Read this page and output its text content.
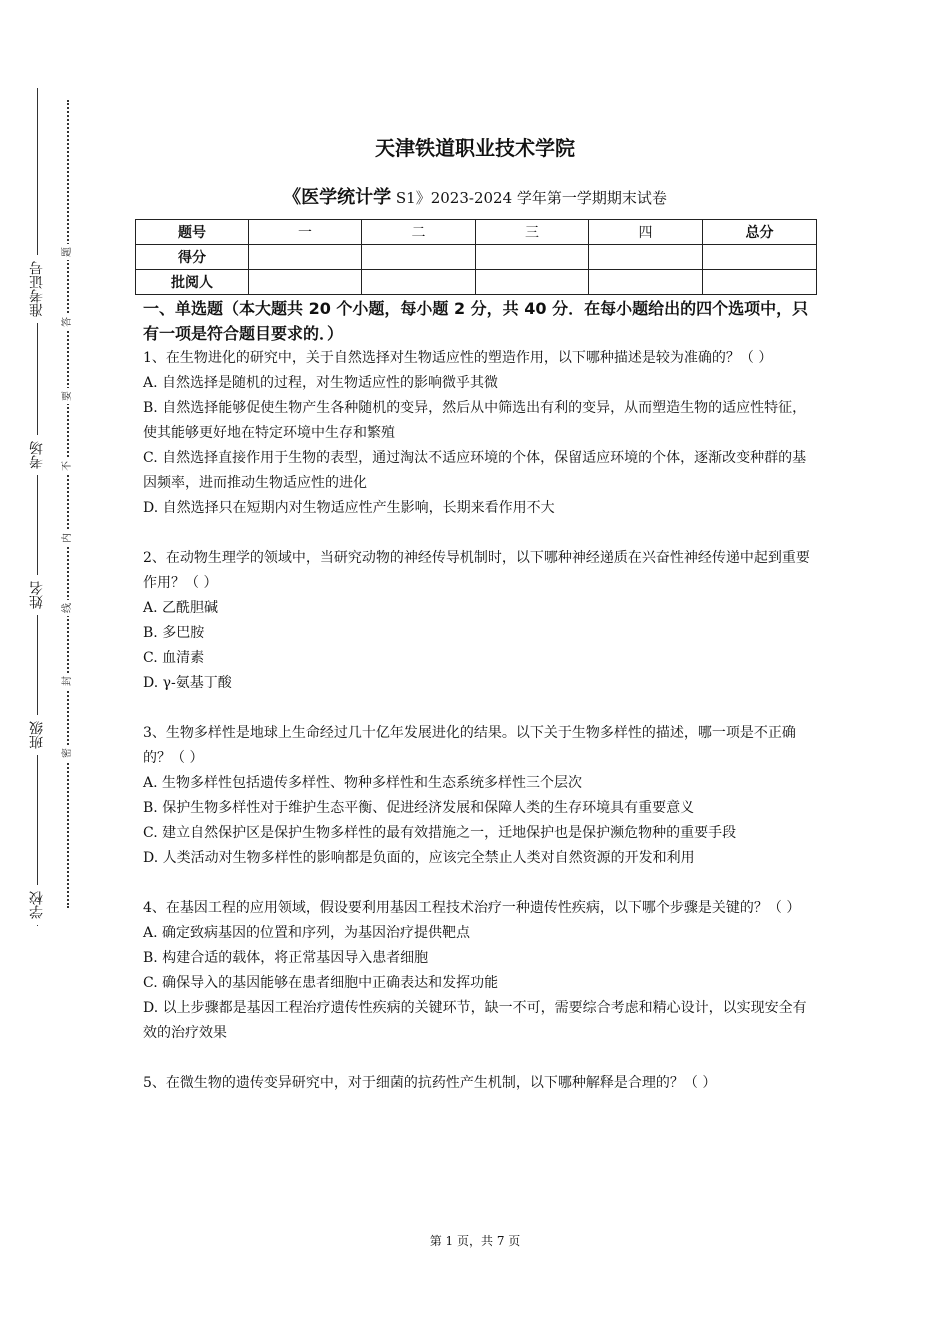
准考证号
考场
姓名
班级
学校
题
答
要
不
内
线
封
密
天津铁道职业技术学院
《医学统计学 S1》2023-2024 学年第一学期期末试卷
题号	一	二	三	四	总分
得分					
批阅人					
一、单选题（本大题共 20 个小题，每小题 2 分，共 40 分．在每小题给出的四个选项中，只有一项是符合题目要求的．）

1、在生物进化的研究中，关于自然选择对生物适应性的塑造作用，以下哪种描述是较为准确的？（ ）

A. 自然选择是随机的过程，对生物适应性的影响微乎其微

B. 自然选择能够促使生物产生各种随机的变异，然后从中筛选出有利的变异，从而塑造生物的适应性特征，使其能够更好地在特定环境中生存和繁殖

C. 自然选择直接作用于生物的表型，通过淘汰不适应环境的个体，保留适应环境的个体，逐渐改变种群的基因频率，进而推动生物适应性的进化

D. 自然选择只在短期内对生物适应性产生影响，长期来看作用不大

2、在动物生理学的领域中，当研究动物的神经传导机制时，以下哪种神经递质在兴奋性神经传递中起到重要作用？（ ）

A. 乙酰胆碱

B. 多巴胺

C. 血清素

D. γ-氨基丁酸

3、生物多样性是地球上生命经过几十亿年发展进化的结果。以下关于生物多样性的描述，哪一项是不正确的？（ ）

A. 生物多样性包括遗传多样性、物种多样性和生态系统多样性三个层次

B. 保护生物多样性对于维护生态平衡、促进经济发展和保障人类的生存环境具有重要意义

C. 建立自然保护区是保护生物多样性的最有效措施之一，迁地保护也是保护濒危物种的重要手段

D. 人类活动对生物多样性的影响都是负面的，应该完全禁止人类对自然资源的开发和利用

4、在基因工程的应用领域，假设要利用基因工程技术治疗一种遗传性疾病，以下哪个步骤是关键的？（ ）

A. 确定致病基因的位置和序列，为基因治疗提供靶点

B. 构建合适的载体，将正常基因导入患者细胞

C. 确保导入的基因能够在患者细胞中正确表达和发挥功能

D. 以上步骤都是基因工程治疗遗传性疾病的关键环节，缺一不可，需要综合考虑和精心设计，以实现安全有效的治疗效果

5、在微生物的遗传变异研究中，对于细菌的抗药性产生机制，以下哪种解释是合理的？（ ）

第 1 页，共 7 页
